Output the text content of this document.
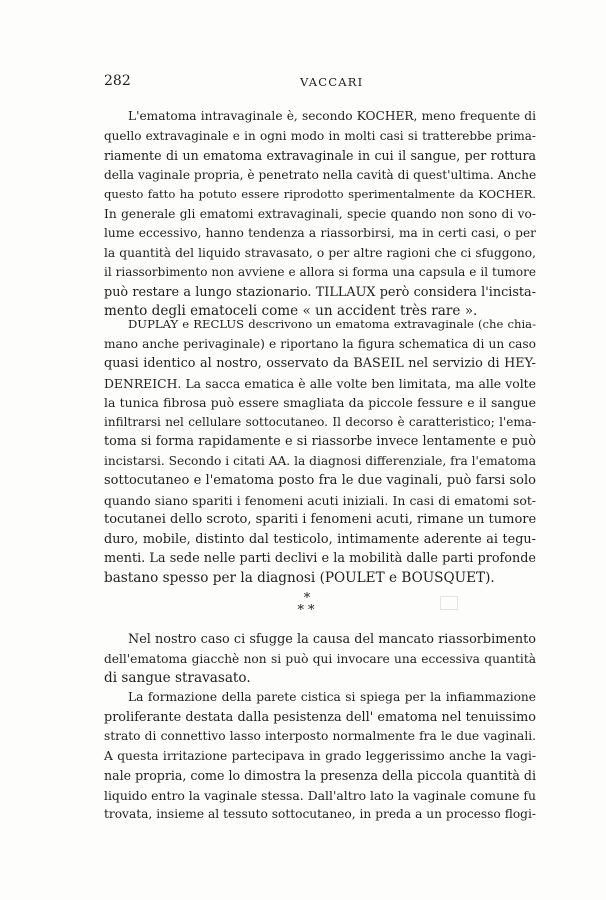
282	VACCARI
L'ematoma intravaginale è, secondo KOCHER, meno frequente di
quello extravaginale e in ogni modo in molti casi si tratterebbe prima-
riamente di un ematoma extravaginale in cui il sangue, per rottura
della vaginale propria, è penetrato nella cavità di quest'ultima. Anche
questo fatto ha potuto essere riprodotto sperimentalmente da KOCHER.
In generale gli ematomi extravaginali, specie quando non sono di vo-
lume eccessivo, hanno tendenza a riassorbirsi, ma in certi casi, o per
la quantità del liquido stravasato, o per altre ragioni che ci sfuggono,
il riassorbimento non avviene e allora si forma una capsula e il tumore
può restare a lungo stazionario. TILLAUX però considera l'incista-
mento degli ematoceli come « un accident très rare ».
DUPLAY e RECLUS descrivono un ematoma extravaginale (che chia-
mano anche perivaginale) e riportano la figura schematica di un caso
quasi identico al nostro, osservato da BASEIL nel servizio di HEY-
DENREICH. La sacca ematica è alle volte ben limitata, ma alle volte
la tunica fibrosa può essere smagliata da piccole fessure e il sangue
infiltrarsi nel cellulare sottocutaneo. Il decorso è caratteristico; l'ema-
toma si forma rapidamente e si riassorbe invece lentamente e può
incistarsi. Secondo i citati AA. la diagnosi differenziale, fra l'ematoma
sottocutaneo e l'ematoma posto fra le due vaginali, può farsi solo
quando siano spariti i fenomeni acuti iniziali. In casi di ematomi sot-
tocutanei dello scroto, spariti i fenomeni acuti, rimane un tumore
duro, mobile, distinto dal testicolo, intimamente aderente ai tegu-
menti. La sede nelle parti declivi e la mobilità dalle parti profonde
bastano spesso per la diagnosi (POULET e BOUSQUET).
*
**
Nel nostro caso ci sfugge la causa del mancato riassorbimento
dell'ematoma giacchè non si può qui invocare una eccessiva quantità
di sangue stravasato.
La formazione della parete cistica si spiega per la infiammazione
proliferante destata dalla pesistenza dell' ematoma nel tenuissimo
strato di connettivo lasso interposto normalmente fra le due vaginali.
A questa irritazione partecipava in grado leggerissimo anche la vagi-
nale propria, come lo dimostra la presenza della piccola quantità di
liquido entro la vaginale stessa. Dall'altro lato la vaginale comune fu
trovata, insieme al tessuto sottocutaneo, in preda a un processo flogi-
